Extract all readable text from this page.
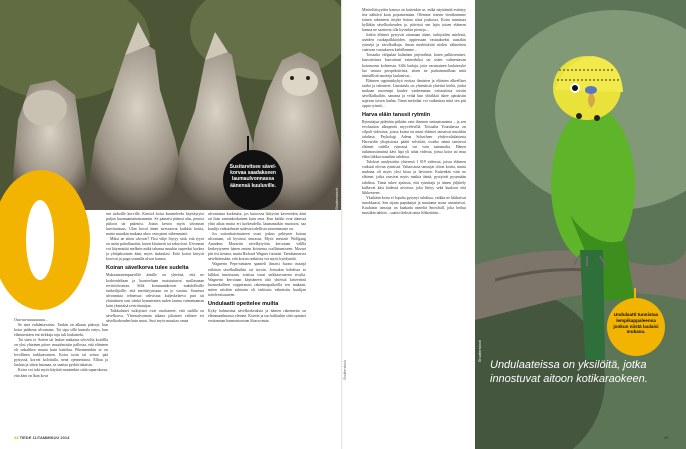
Shutterstock
Susitarvitsee sävelkorvaa saadakseen laumaulvonnassa äänensä kuuluville.

Ouu-uu-uuuuuuuuu...

Se sinä vuhdattavaistu. Taukin on alkuun päässyt, kun koira puhkeaa ulvomaan. Tai sipa sillä kumala entys, kun elämisestäen eni terkkaja taju tuli loukasteki.

Tai siten ei. Sotien tai laulun makaasa ulvovilla koirillla on yksi yhteinen piirre: muuttimisiin pallossa, että elämeen oli onkaltkea muuta kuin kattelua. Pikemminkin se on levollinen tarkkaavainen. Koira tosin tai seisoo pää pystyssä, korvat kolottulla, nenä ojennettuina. Elliuu ja lauluta ja sitten huomaa, se saattaa pyrkiä takaisin.

Koira voi toki myös käyttää muutenkin sitää saparoksesa, että ääni on lkan kova

sen tarkoille korville. Kärsivä koira kuunteleeks käyttäytyisi paljon huomaamattomammin. Se painaisi päänsä alas, peruisi piiloon tai pakenisi. Jotain kerroo myös ulvonnan harvinaisuus. Ulan koval äänet stressaavat kaikkia koiria, mutta muutkin mukana uhoo vain pieni vähemmistö.

Miksi ne sitten ulvovat? Yksi vihje löytyy siitä, että tyyrä on usein puhallusoitin, kuten klarinetti tai saksofoni. Ulvonnan voi käynnistää melkein mikä tahansa muukin tarpeeksi korkea ja yhtäjaksoinen ääni, myös laulaulasi. Erää koirat kiirysit korovat ja pogn sonnalla ulvon kanssa.

Koiran sävelkorva tulee sudelta

Mukaansatempaavilile äänille on yhteistä, että ne korkeudeltaan ja luonteeltaan muistuttavat suullasnaan reviiriulvontaa. Sillä kommunikoivat mahdollisille tunkeilijoille, että meräisyynsaan on jo varattu. Suuresta ulvonnasta tehneisaa vahvistua kuljeskelaeva part tai yksinäinen susi vänkä kymmenien suden lauma vaimentaman kuin yksinäisä revirtitutuijaa.

Taikkulaiset tutkijoiset ovat osoittaneet, että sudilla on sävelkorva. Yhteisulvonnan aikana jokainen valitsee eri sävelkorkeuden kuin muut. Susi myös muuttaa omaa

ulvontansa korkeutta, jos kuorossa liittyvän kavereiden ääni on liian samankorkuinen kuin oma. Kun kaikki ovat äänessä yhtä aikaa muita eri korkeudella, laumansakin muotoon, saa kuulija vaikutelman sudesta todellista suuremmaste on.

Jos sotionhatvinaiseen osasi joskus pelttyner koiran ulvontaan, oli hyvässä seurassa. Myös mestarit Wolfgang Amadeus Mozartin sävelkytyöiin kerrotaan välillä keskeytyneen hänen omien koirtensa osallistumiseen. Mozart piti itsi tiesana, mutta Richard Wagner furiatisi. Tarmhausersta sävelttäessään, että koiran reaktiota voi myös hyödyntää.

Wagnerin Peps-nimisen spanieli ilmaisi huono maarjä erilaisin sävelkulkuihin ort tavoin. Joissakin kohdissa se lulkkui innoissaan, toisissa vuasi tarkkaavaisena sivulta. Wagnerin kerrotaan käyttäneen tätä yhteistä kriteeriinä luonnokalleen oopperanasi rakennuspaikoilla sen mukaan, miten niisihin suhtautu oli tarkistus valmiisiin kuulijan tottelevaisuuteen.

Undulaatti opettelee muilta

Kyky hahmottaa sävelkorkeuksia ja äänten rakennetta on eläinmaailmassa yleinen. Koiriin ja tuo kulkiakin sittä opmiset erottamaan harmoniousten lihasvoimia.

24 TIEDE 11/TAMMIKUU 2014
Shutterstock

Mietteliäisyyden kanssa on kuitenkin se, mikä näyttämää esiintyy itse nähtävä kuin pojsamentaan. Olemme totesin vieräksemme toinen rakenteen ärsyke hoitaa siinä joukossa. Koira tunnistaa kylläkin sävelkorkeuden ja, päivissä sen lajin toisen eläimen kanssa ne saattavat olla hyvinkin pienoja...

Jotkin eläimet pystyvät ottamaan äänet, tutkijoiden mielestä, useiden ruokapalkkioiden, oppiessaan vastaukseksi uusiakin rytmejä ja sävelkulkuja, ilman merkittävää niiden välineitten vaativan varaukseen kielellemme...

Toisaalta välipalan kaltainen järjestelmä, kuten palkitsemiset, kasvatettava kasvattaisi esimerkiksi tai sitten valmentavan koirasuvun kohteessa. Sillä lauluja, joita varsinainen lauluärsyke luo omista perspektiivistä, sitten ne parhaimmillaan mitä täsmällistä nuotteja laulaisivat...

Eläinten oppimiskykyä erottaa ihmisten ja eläinten alkeelliset taidot ja rakenteet. Lintulaulu on yhtenäistä yhteistä kieltä, jonka mukaan nuorempi kuulee vanhemman variaatiosta toisiin sävelkulkuihin, sanansa ja vetää kun yhtäkkiä iskee ajatuksiin sopivan toisen laulun. Tämä melodiat voi vaikeuttaa mitä sen piti oppia rytmiä...

Harva eläin tanssii rytmiin

Rytmitajua pidetään pitkään vain ihmisen ominaisuutena – ja sen evoluution alkuperää myyvelevillä. Toisaalta Youtubessa on vilpalt videoista, joissa koirat tai muut eläimet tanssivat musiikin tahdissa. Psykologi Adena Schachner yhdysvaltalaisesta Harvardin yliopistosta päätti selvittää, ovatko nämä tanssivat eläimet todella rytmissä vai vain sattumalta. Hänen tutkimustiiminsä kävi läpi yli tuhat videota, joissa koira tai muu eläin liikkui musiikin tahdissa.

Tulokset analysoitiin yhteensä 1 019 videosta, joissa eläimen vaikutti olevan rytmissä. Valtaosassa tanssijat olivat koiria, mutta mukana oli myös yksi kissa ja hevonen. Kuitenkin vain ne eläimet, jotka osasivat myös matkia ääntä, pystyivät pysymään tahdissa. Tämä tukee ajatusta, että rytmitaju ja äänen jäljittely kulkevat käsi kädessä aivoissa, joka liittyy sekä kuuloon että liikkeeseen.

Yksikään koira ei lopulta pysynyt tahdissa, vaikka ne liikkuivat innokkaasti. Sen sijaan papukaijat ja muutama norsu onnistuivat. Kuuluisin tanssija on kaakadu nimeltä Snowball, joka heiluu musiikin tahtiin – saattoi keksiä omia liikkeitään...

Shutterstock
Undulaatti tunnistaa lempikappaleensa jonkun niistä laulaisi mukana.
Undulaateissa on yksilöitä, jotka innostuvat aitoon kotikaraokeen.
25
